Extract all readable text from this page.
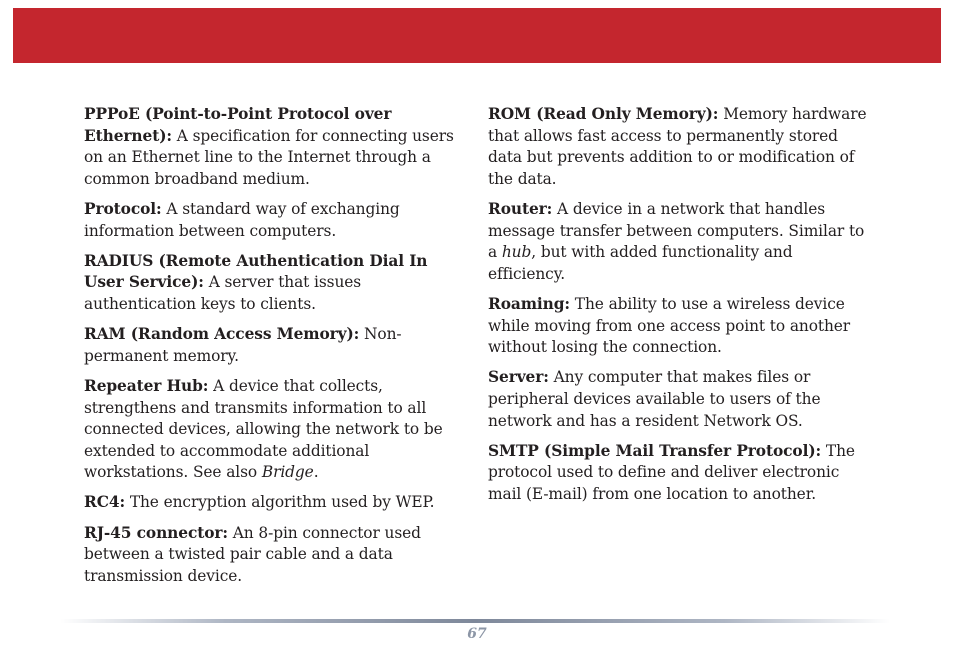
PPPoE (Point-to-Point Protocol over Ethernet): A specification for connecting users on an Ethernet line to the Internet through a common broadband medium.

Protocol: A standard way of exchanging information between computers.

RADIUS (Remote Authentication Dial In User Service): A server that issues authentication keys to clients.

RAM (Random Access Memory): Non-permanent memory.

Repeater Hub: A device that collects, strengthens and transmits information to all connected devices, allowing the network to be extended to accommodate additional workstations. See also Bridge.

RC4: The encryption algorithm used by WEP.

RJ-45 connector: An 8-pin connector used between a twisted pair cable and a data transmission device.

ROM (Read Only Memory): Memory hardware that allows fast access to permanently stored data but prevents addition to or modification of the data.

Router: A device in a network that handles message transfer between computers. Similar to a hub, but with added functionality and efficiency.

Roaming: The ability to use a wireless device while moving from one access point to another without losing the connection.

Server: Any computer that makes files or peripheral devices available to users of the network and has a resident Network OS.

SMTP (Simple Mail Transfer Protocol): The protocol used to define and deliver electronic mail (E-mail) from one location to another.

67
